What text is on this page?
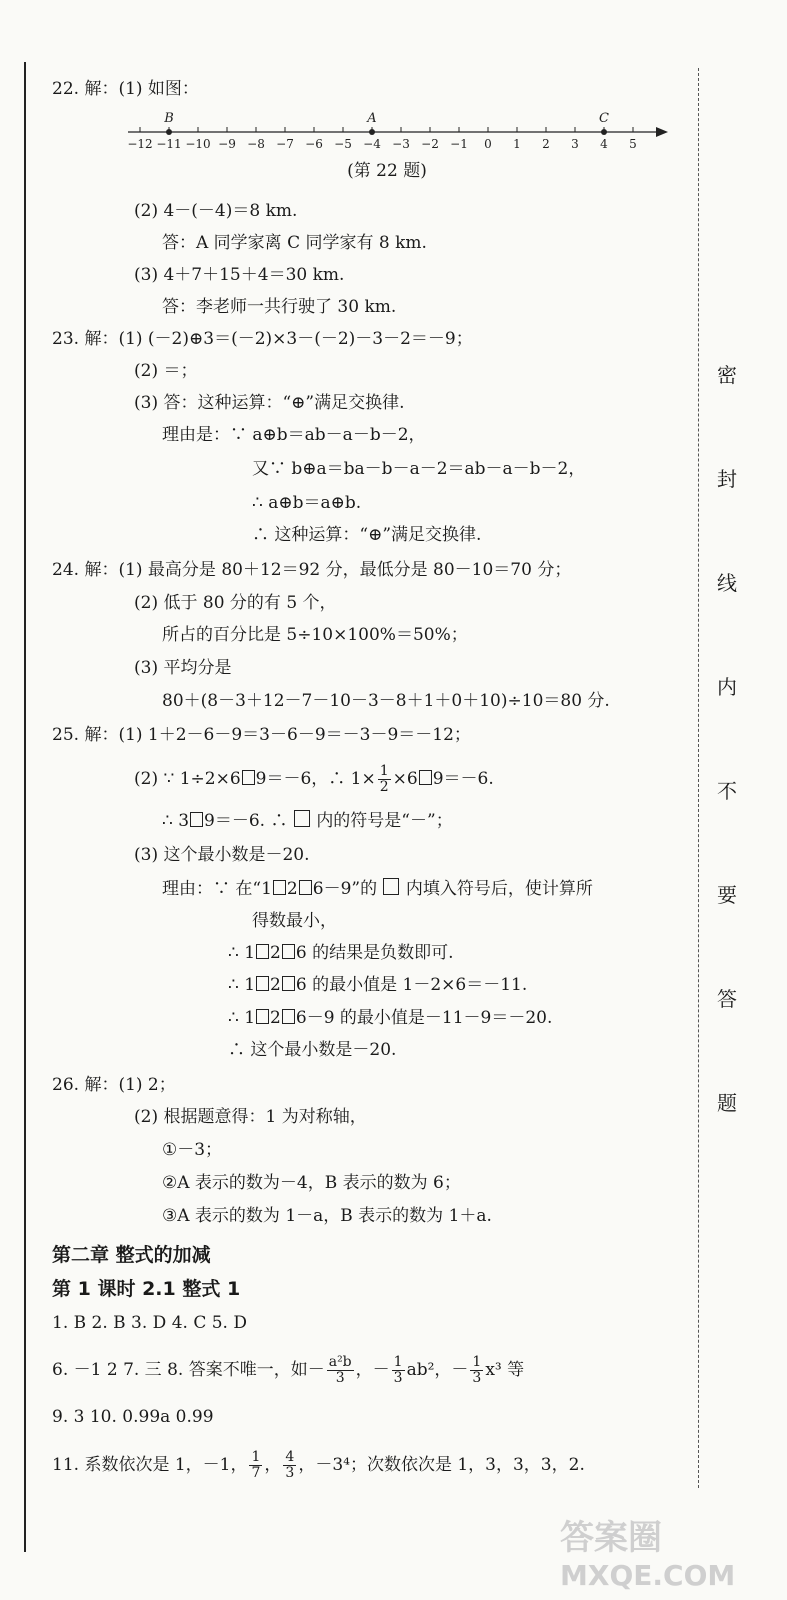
密
封
线
内
不
要
答
题
22. 解：(1) 如图：
−12 −11 −10 −9 −8 −7 −6 −5 −4 −3 −2 −1 0 1 2 3 4 5
B	A	C
(第 22 题)
(2) 4－(－4)＝8 km.
答：A 同学家离 C 同学家有 8 km.
(3) 4＋7＋15＋4＝30 km.
答：李老师一共行驶了 30 km.
23. 解：(1) (－2)⊕3＝(－2)×3－(－2)－3－2＝－9；
(2) ＝；
(3) 答：这种运算：“⊕”满足交换律.
理由是：∵ a⊕b＝ab－a－b－2，
又∵ b⊕a＝ba－b－a－2＝ab－a－b－2，
∴ a⊕b＝a⊕b.
∴ 这种运算：“⊕”满足交换律.
24. 解：(1) 最高分是 80＋12＝92 分，最低分是 80－10＝70 分；
(2) 低于 80 分的有 5 个，
所占的百分比是 5÷10×100%＝50%；
(3) 平均分是
80＋(8－3＋12－7－10－3－8＋1＋0＋10)÷10＝80 分.
25. 解：(1) 1＋2－6－9＝3－6－9＝－3－9＝－12；
(2) ∵ 1÷2×6 9＝－6，∴ $1\times \frac{1}{2} \times 6$ 9＝－6.
∴ 3 9＝－6. ∴ 内的符号是“－”；
(3) 这个最小数是－20.
理由：∵ 在“1 2 6－9”的 内填入符号后，使计算所
得数最小，
∴ 1 2 6 的结果是负数即可.
∴ 1 2 6 的最小值是 1－2×6＝－11.
∴ 1 2 6－9 的最小值是－11－9＝－20.
∴ 这个最小数是－20.
26. 解：(1) 2；
(2) 根据题意得：1 为对称轴，
①－3；
②A 表示的数为－4，B 表示的数为 6；
③A 表示的数为 1－a，B 表示的数为 1＋a.
第二章 整式的加减
第 1 课时 2.1 整式 1
1. B 2. B 3. D 4. C 5. D
6. －1 2 7. 三 8. 答案不唯一，如－ $\frac{\text{a²b}}{3}$ ，－ $\frac{1}{3} ab^2$，－ $\frac{1}{3} x^3$ 等
9. 3 10. 0.99a 0.99
11. 系数依次是 1，－1， $\frac{1}{7}$ ， $\frac{4}{3}$ ，－3⁴；次数依次是 1，3，3，3，2.
答案圈
MXQE.COM
